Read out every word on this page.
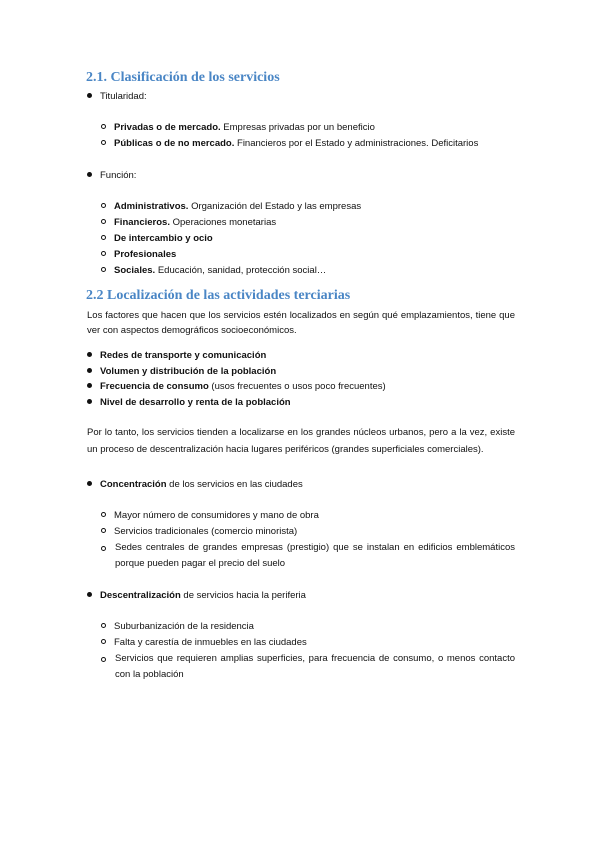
2.1. Clasificación de los servicios
Titularidad:
Privadas o de mercado. Empresas privadas por un beneficio
Públicas o de no mercado. Financieros por el Estado y administraciones. Deficitarios
Función:
Administrativos. Organización del Estado y las empresas
Financieros. Operaciones monetarias
De intercambio y ocio
Profesionales
Sociales. Educación, sanidad, protección social…
2.2 Localización de las actividades terciarias
Los factores que hacen que los servicios estén localizados en según qué emplazamientos, tiene que ver con aspectos demográficos socioeconómicos.
Redes de transporte y comunicación
Volumen y distribución de la población
Frecuencia de consumo (usos frecuentes o usos poco frecuentes)
Nivel de desarrollo y renta de la población
Por lo tanto, los servicios tienden a localizarse en los grandes núcleos urbanos, pero a la vez, existe un proceso de descentralización hacia lugares periféricos (grandes superficiales comerciales).
Concentración de los servicios en las ciudades
Mayor número de consumidores y mano de obra
Servicios tradicionales (comercio minorista)
Sedes centrales de grandes empresas (prestigio) que se instalan en edificios emblemáticos porque pueden pagar el precio del suelo
Descentralización de servicios hacia la periferia
Suburbanización de la residencia
Falta y carestía de inmuebles en las ciudades
Servicios que requieren amplias superficies, para frecuencia de consumo, o menos contacto con la población
